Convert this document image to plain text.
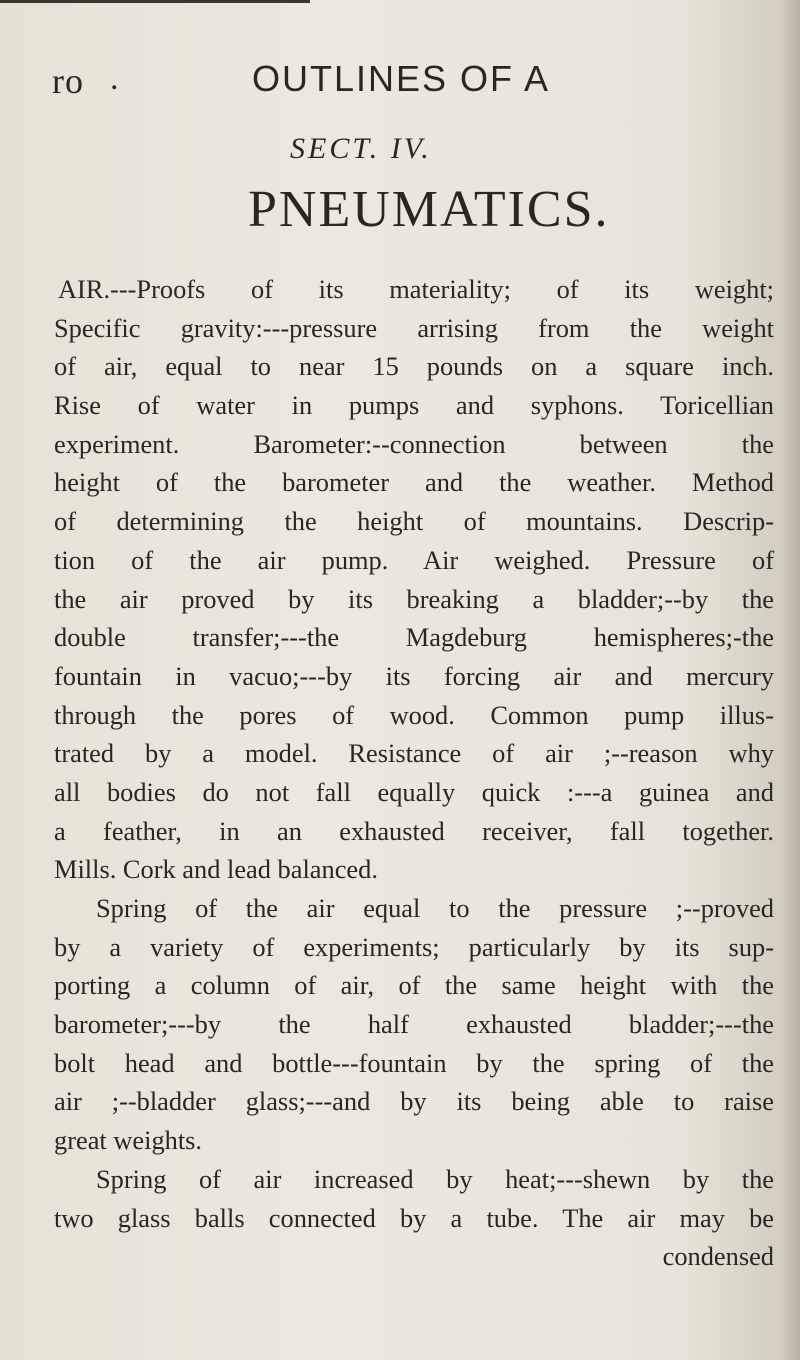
ro .	OUTLINES OF A
SECT. IV.
PNEUMATICS.
AIR.---Proofs of its materiality; of its weight;
Specific gravity:---pressure arrising from the weight
of air, equal to near 15 pounds on a square inch.
Rise of water in pumps and syphons. Toricellian
experiment. Barometer:--connection between the
height of the barometer and the weather. Method
of determining the height of mountains. Descrip-
tion of the air pump. Air weighed. Pressure of
the air proved by its breaking a bladder;--by the
double transfer;---the Magdeburg hemispheres;-the
fountain in vacuo;---by its forcing air and mercury
through the pores of wood. Common pump illus-
trated by a model. Resistance of air ;--reason why
all bodies do not fall equally quick :---a guinea and
a feather, in an exhausted receiver, fall together.
Mills. Cork and lead balanced.
Spring of the air equal to the pressure ;--proved
by a variety of experiments; particularly by its sup-
porting a column of air, of the same height with the
barometer;---by the half exhausted bladder;---the
bolt head and bottle---fountain by the spring of the
air ;--bladder glass;---and by its being able to raise
great weights.
Spring of air increased by heat;---shewn by the
two glass balls connected by a tube. The air may be
condensed
